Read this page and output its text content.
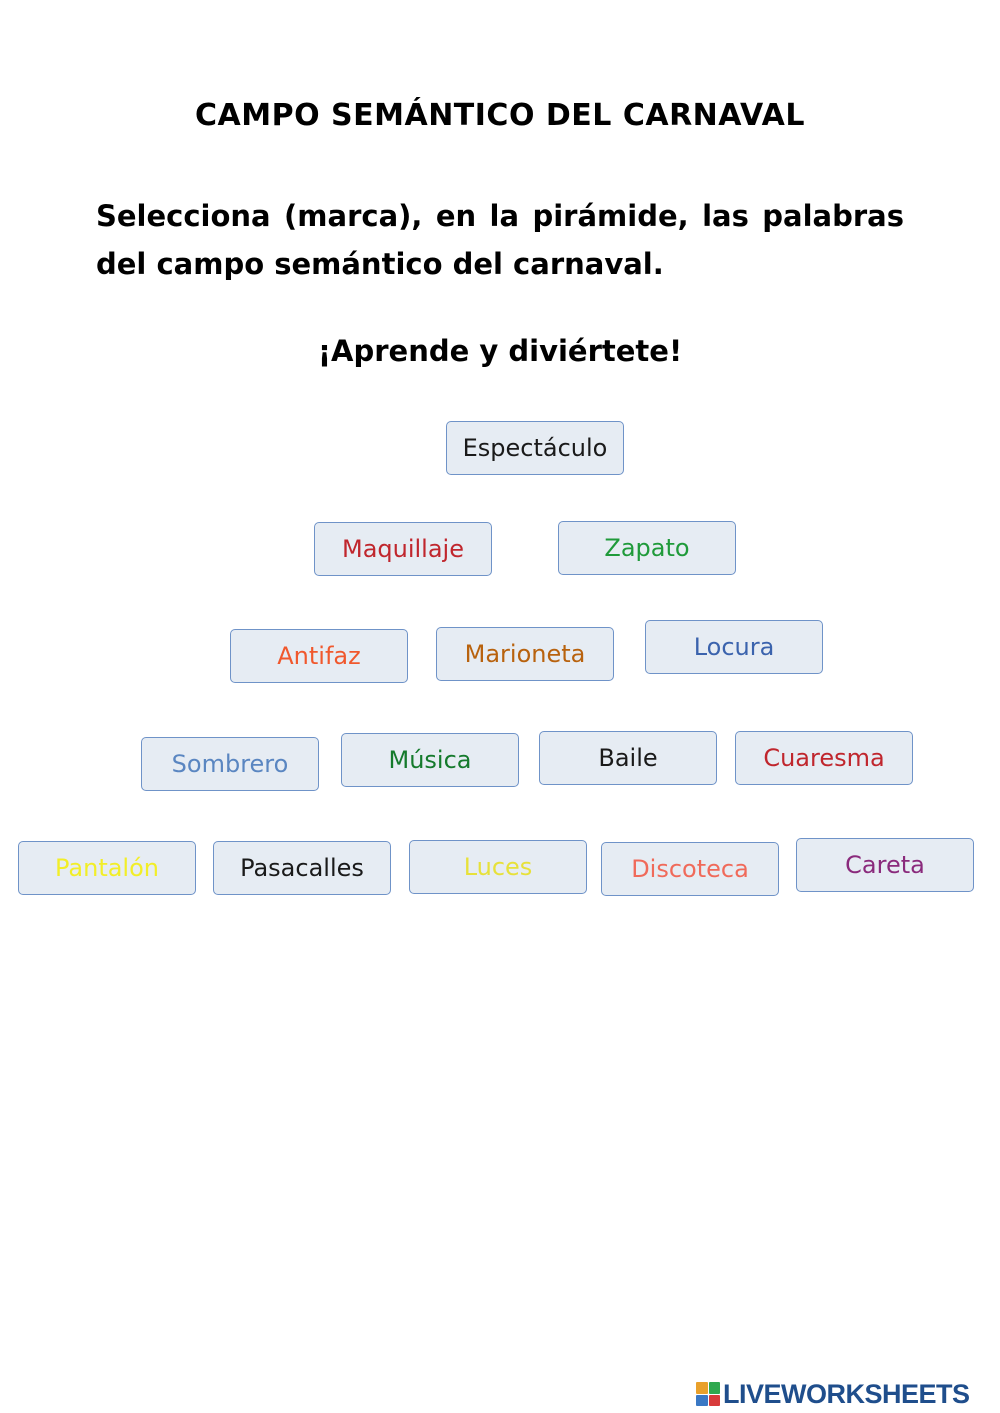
CAMPO SEMÁNTICO DEL CARNAVAL
Selecciona (marca), en la pirámide, las palabras del campo semántico del carnaval.
¡Aprende y diviértete!
Espectáculo
Maquillaje	Zapato
Antifaz	Marioneta	Locura
Sombrero	Música	Baile	Cuaresma
Pantalón	Pasacalles	Luces	Discoteca	Careta
LIVEWORKSHEETS
